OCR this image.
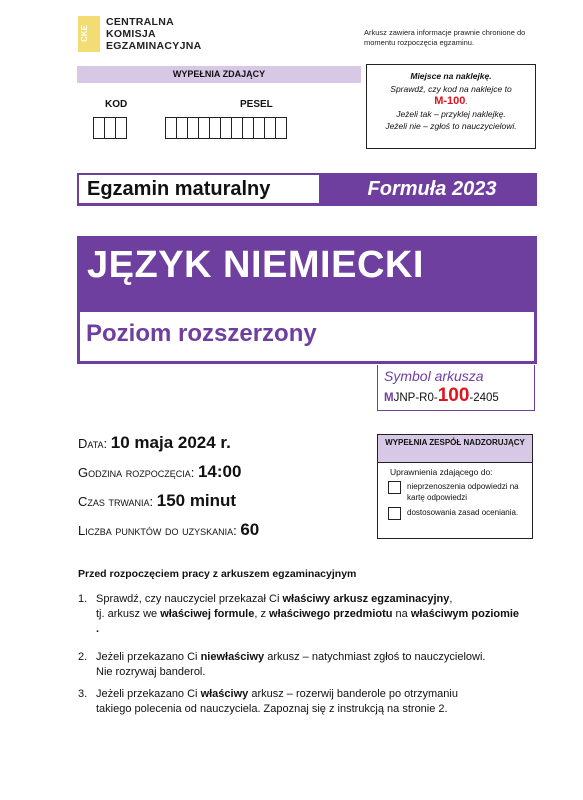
CKE
CENTRALNA
KOMISJA
EGZAMINACYJNA
Arkusz zawiera informacje prawnie chronione do momentu rozpoczęcia egzaminu.
WYPEŁNIA ZDAJĄCY
KOD	PESEL
Miejsce na naklejkę.
Sprawdź, czy kod na naklejce to
M-100.
Jeżeli tak – przyklej naklejkę.
Jeżeli nie – zgłoś to nauczycielowi.
Egzamin maturalny	Formuła 2023
JĘZYK NIEMIECKI
Poziom rozszerzony
Symbol arkusza
MJNP-R0-100-2405
Data: 10 maja 2024 r.
Godzina rozpoczęcia: 14:00
Czas trwania: 150 minut
Liczba punktów do uzyskania: 60
WYPEŁNIA ZESPÓŁ NADZORUJĄCY
Uprawnienia zdającego do:
nieprzenoszenia odpowiedzi na kartę odpowiedzi
dostosowania zasad oceniania.
Przed rozpoczęciem pracy z arkuszem egzaminacyjnym
1. Sprawdź, czy nauczyciel przekazał Ci właściwy arkusz egzaminacyjny,
tj. arkusz we właściwej formule, z właściwego przedmiotu na właściwym poziomie
.
2. Jeżeli przekazano Ci niewłaściwy arkusz – natychmiast zgłoś to nauczycielowi.
Nie rozrywaj banderol.
3. Jeżeli przekazano Ci właściwy arkusz – rozerwij banderole po otrzymaniu
takiego polecenia od nauczyciela. Zapoznaj się z instrukcją na stronie 2.
